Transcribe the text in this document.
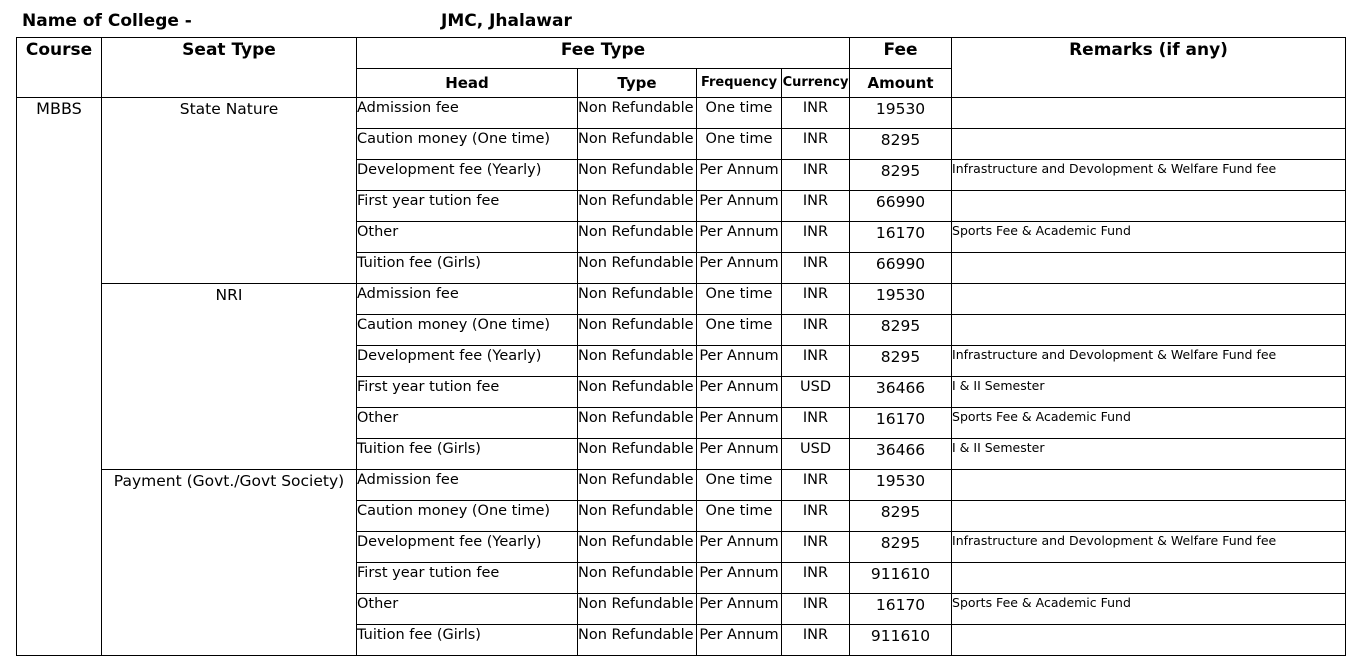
Name of College -	JMC, Jhalawar
Course	Seat Type	Fee Type				Fee	Remarks (if any)
		Head	Type	Frequency	Currency	Amount	
MBBS	State Nature	Admission fee	Non Refundable	One time	INR	19530	
		Caution money (One time)	Non Refundable	One time	INR	8295	
		Development fee (Yearly)	Non Refundable	Per Annum	INR	8295	Infrastructure and Devolopment & Welfare Fund fee
		First year tution fee	Non Refundable	Per Annum	INR	66990	
		Other	Non Refundable	Per Annum	INR	16170	Sports Fee & Academic Fund
		Tuition fee (Girls)	Non Refundable	Per Annum	INR	66990	
	NRI	Admission fee	Non Refundable	One time	INR	19530	
		Caution money (One time)	Non Refundable	One time	INR	8295	
		Development fee (Yearly)	Non Refundable	Per Annum	INR	8295	Infrastructure and Devolopment & Welfare Fund fee
		First year tution fee	Non Refundable	Per Annum	USD	36466	I & II Semester
		Other	Non Refundable	Per Annum	INR	16170	Sports Fee & Academic Fund
		Tuition fee (Girls)	Non Refundable	Per Annum	USD	36466	I & II Semester
	Payment (Govt./Govt Society)	Admission fee	Non Refundable	One time	INR	19530	
		Caution money (One time)	Non Refundable	One time	INR	8295	
		Development fee (Yearly)	Non Refundable	Per Annum	INR	8295	Infrastructure and Devolopment & Welfare Fund fee
		First year tution fee	Non Refundable	Per Annum	INR	911610	
		Other	Non Refundable	Per Annum	INR	16170	Sports Fee & Academic Fund
		Tuition fee (Girls)	Non Refundable	Per Annum	INR	911610	
